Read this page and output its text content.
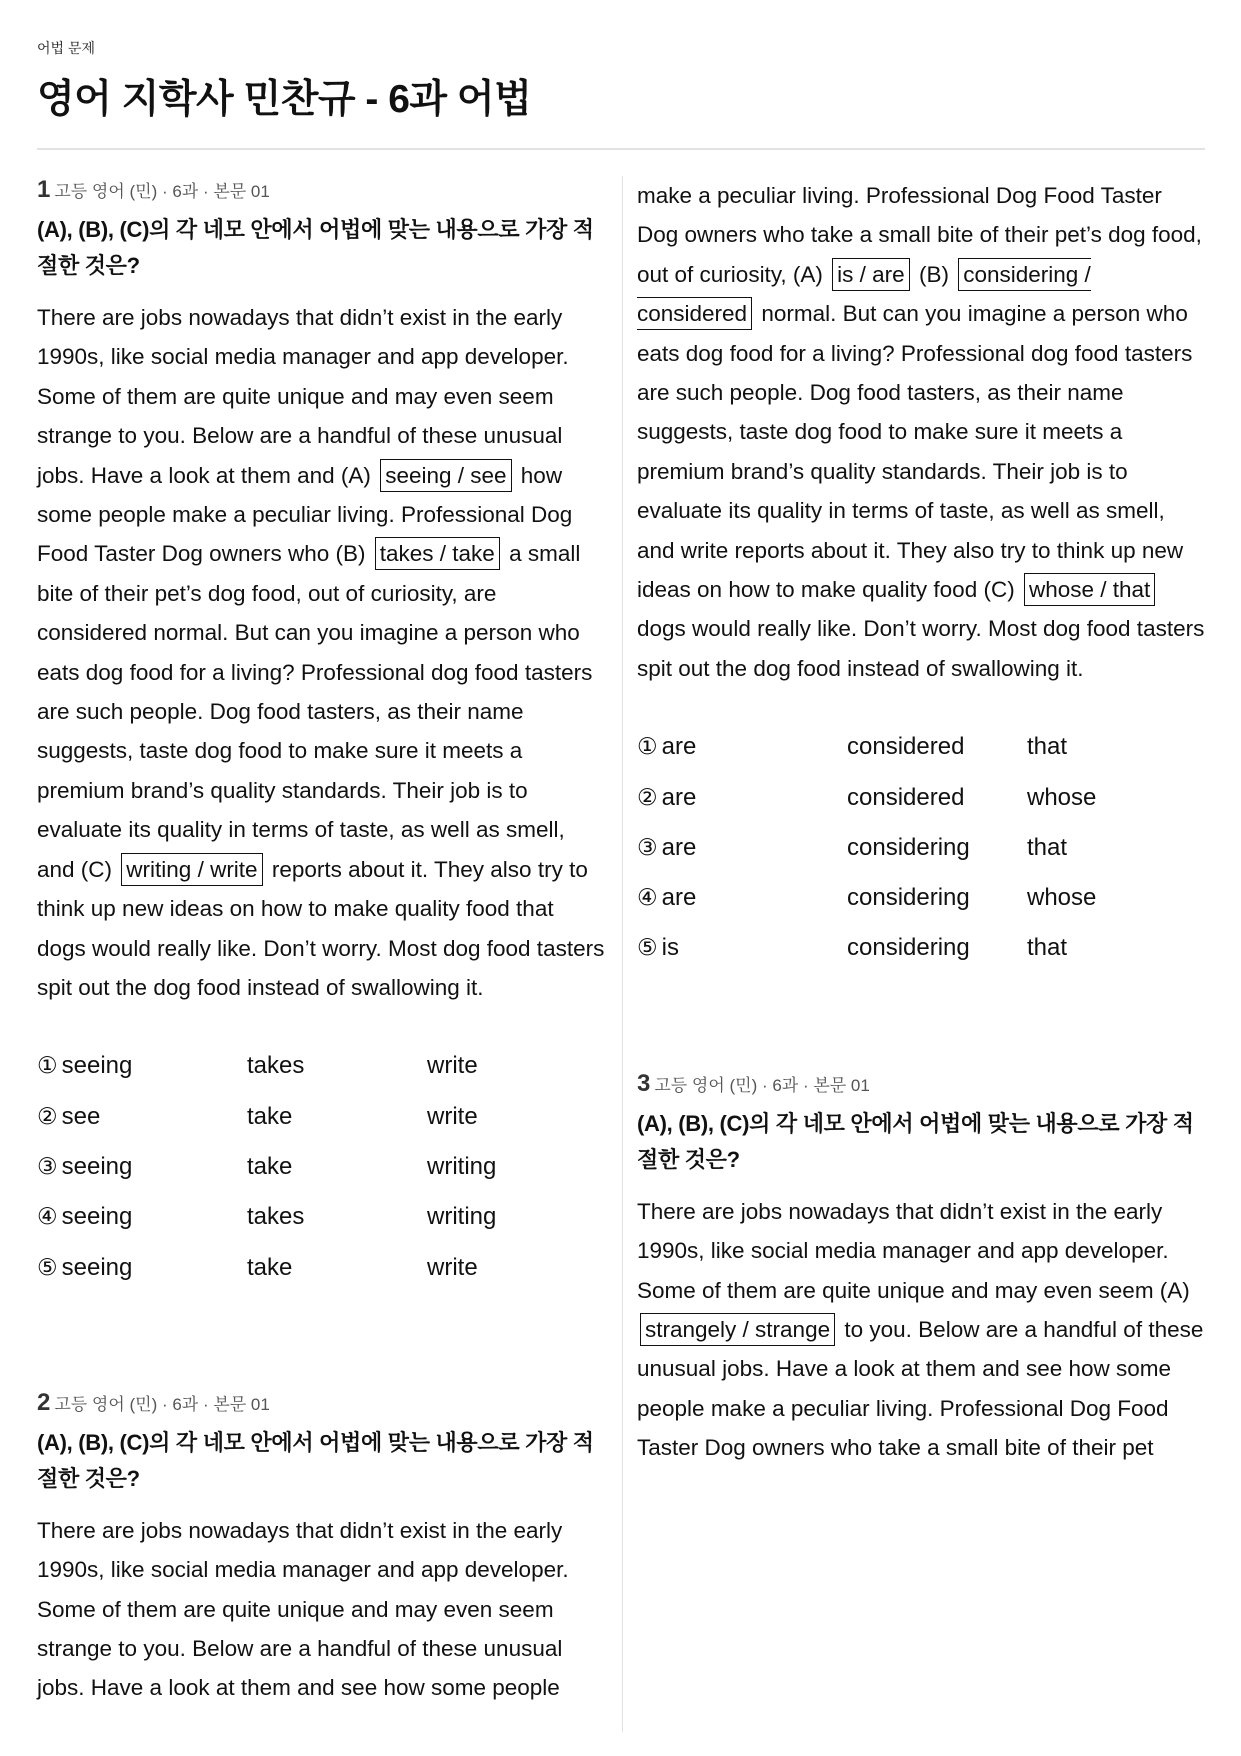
어법 문제
영어 지학사 민찬규 - 6과 어법
1 고등 영어 (민) · 6과 · 본문 01
(A), (B), (C)의 각 네모 안에서 어법에 맞는 내용으로 가장 적절한 것은?
There are jobs nowadays that didn’t exist in the early 1990s, like social media manager and app developer. Some of them are quite unique and may even seem strange to you. Below are a handful of these unusual jobs. Have a look at them and (A) seeing / see how some people make a peculiar living. Professional Dog Food Taster Dog owners who (B) takes / take a small bite of their pet’s dog food, out of curiosity, are considered normal. But can you imagine a person who eats dog food for a living? Professional dog food tasters are such people. Dog food tasters, as their name suggests, taste dog food to make sure it meets a premium brand’s quality standards. Their job is to evaluate its quality in terms of taste, as well as smell, and (C) writing / write reports about it. They also try to think up new ideas on how to make quality food that dogs would really like. Don’t worry. Most dog food tasters spit out the dog food instead of swallowing it.
① seeing	takes	write
② see	take	write
③ seeing	take	writing
④ seeing	takes	writing
⑤ seeing	take	write
2 고등 영어 (민) · 6과 · 본문 01
(A), (B), (C)의 각 네모 안에서 어법에 맞는 내용으로 가장 적절한 것은?
There are jobs nowadays that didn’t exist in the early 1990s, like social media manager and app developer. Some of them are quite unique and may even seem strange to you. Below are a handful of these unusual jobs. Have a look at them and see how some people
make a peculiar living. Professional Dog Food Taster Dog owners who take a small bite of their pet’s dog food, out of curiosity, (A) is / are (B) considering / considered normal. But can you imagine a person who eats dog food for a living? Professional dog food tasters are such people. Dog food tasters, as their name suggests, taste dog food to make sure it meets a premium brand’s quality standards. Their job is to evaluate its quality in terms of taste, as well as smell, and write reports about it. They also try to think up new ideas on how to make quality food (C) whose / that dogs would really like. Don’t worry. Most dog food tasters spit out the dog food instead of swallowing it.
① are	considered	that
② are	considered	whose
③ are	considering	that
④ are	considering	whose
⑤ is	considering	that
3 고등 영어 (민) · 6과 · 본문 01
(A), (B), (C)의 각 네모 안에서 어법에 맞는 내용으로 가장 적절한 것은?
There are jobs nowadays that didn’t exist in the early 1990s, like social media manager and app developer. Some of them are quite unique and may even seem (A) strangely / strange to you. Below are a handful of these unusual jobs. Have a look at them and see how some people make a peculiar living. Professional Dog Food Taster Dog owners who take a small bite of their pet
